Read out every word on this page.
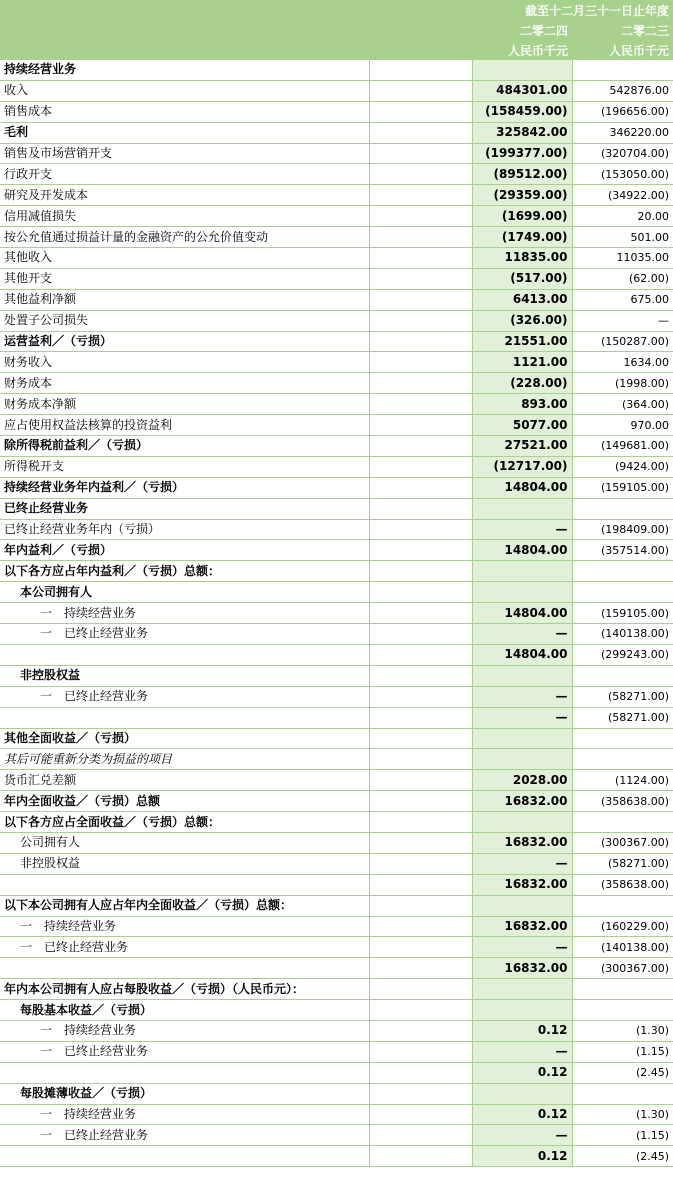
		截至十二月三十一日止年度	
		二零二四	二零二三
		人民币千元	人民币千元
持续经营业务			
收入		484301.00	542876.00
销售成本		(158459.00)	(196656.00)
毛利		325842.00	346220.00
销售及市场营销开支		(199377.00)	(320704.00)
行政开支		(89512.00)	(153050.00)
研究及开发成本		(29359.00)	(34922.00)
信用减值损失		(1699.00)	20.00
按公允值通过损益计量的金融资产的公允价值变动		(1749.00)	501.00
其他收入		11835.00	11035.00
其他开支		(517.00)	(62.00)
其他益利净额		6413.00	675.00
处置子公司损失		(326.00)	—
运营益利／（亏损）		21551.00	(150287.00)
财务收入		1121.00	1634.00
财务成本		(228.00)	(1998.00)
财务成本净额		893.00	(364.00)
应占使用权益法核算的投资益利		5077.00	970.00
除所得税前益利／（亏损）		27521.00	(149681.00)
所得税开支		(12717.00)	(9424.00)
持续经营业务年内益利／（亏损）		14804.00	(159105.00)
已终止经营业务			
已终止经营业务年内（亏损）		—	(198409.00)
年内益利／（亏损）		14804.00	(357514.00)
以下各方应占年内益利／（亏损）总额：			
本公司拥有人			
一　持续经营业务		14804.00	(159105.00)
一　已终止经营业务		—	(140138.00)
		14804.00	(299243.00)
非控股权益			
一　已终止经营业务		—	(58271.00)
		—	(58271.00)
其他全面收益／（亏损）			
其后可能重新分类为损益的项目			
货币汇兑差额		2028.00	(1124.00)
年内全面收益／（亏损）总额		16832.00	(358638.00)
以下各方应占全面收益／（亏损）总额：			
公司拥有人		16832.00	(300367.00)
非控股权益		—	(58271.00)
		16832.00	(358638.00)
以下本公司拥有人应占年内全面收益／（亏损）总额：			
一　持续经营业务		16832.00	(160229.00)
一　已终止经营业务		—	(140138.00)
		16832.00	(300367.00)
年内本公司拥有人应占每股收益／（亏损）（人民币元）：			
每股基本收益／（亏损）			
一　持续经营业务		0.12	(1.30)
一　已终止经营业务		—	(1.15)
		0.12	(2.45)
每股摊薄收益／（亏损）			
一　持续经营业务		0.12	(1.30)
一　已终止经营业务		—	(1.15)
		0.12	(2.45)
